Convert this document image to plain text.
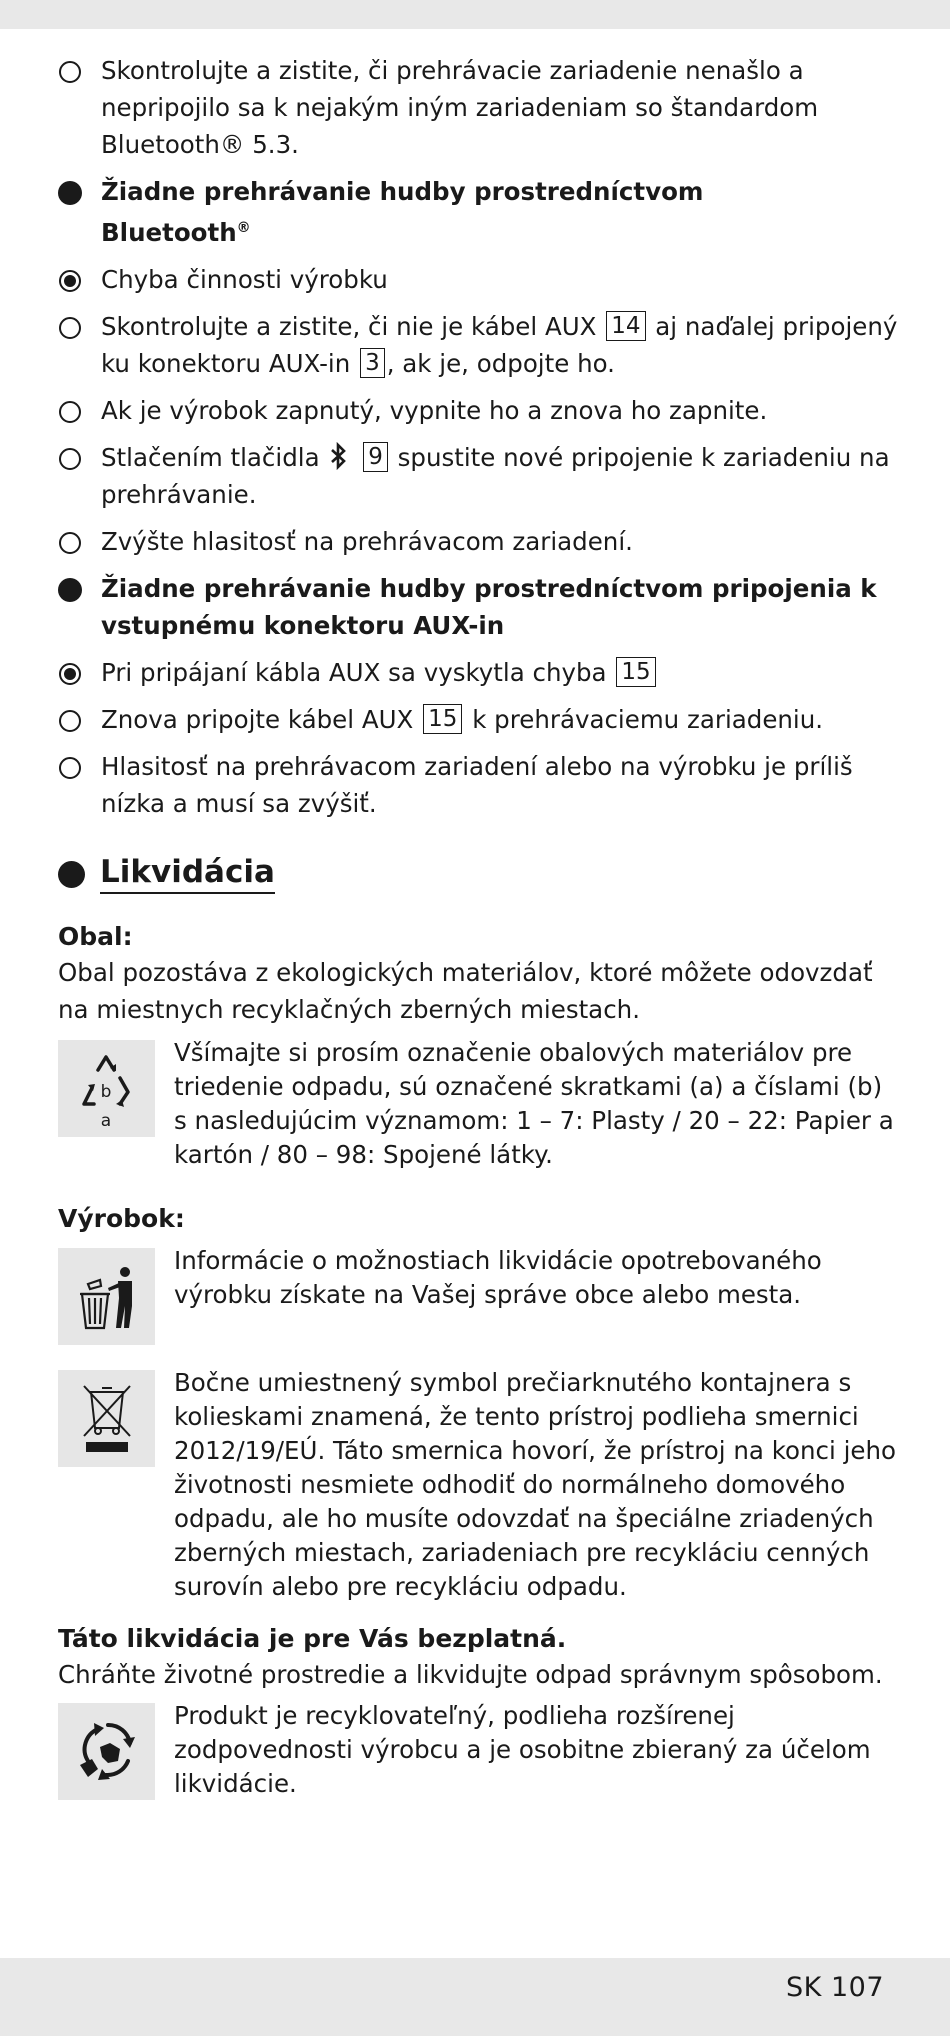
Skontrolujte a zistite, či prehrávacie zariadenie nenašlo a nepripojilo sa k nejakým iným zariadeniam so štandardom Bluetooth® 5.3.
Žiadne prehrávanie hudby prostredníctvom
Bluetooth®
Chyba činnosti výrobku
Skontrolujte a zistite, či nie je kábel AUX 14 aj naďalej pripojený ku konektoru AUX-in 3 , ak je, odpojte ho.
Ak je výrobok zapnutý, vypnite ho a znova ho zapnite.
Stlačením tlačidla 9 spustite nové pripojenie k zariadeniu na prehrávanie.
Zvýšte hlasitosť na prehrávacom zariadení.
Žiadne prehrávanie hudby prostredníctvom pripojenia k vstupnému konektoru AUX-in
Pri pripájaní kábla AUX sa vyskytla chyba 15
Znova pripojte kábel AUX 15 k prehrávaciemu zariadeniu.
Hlasitosť na prehrávacom zariadení alebo na výrobku je príliš nízka a musí sa zvýšiť.
Likvidácia
Obal:
Obal pozostáva z ekologických materiálov, ktoré môžete odovzdať na miestnych recyklačných zberných miestach.
b
a
Všímajte si prosím označenie obalových materiálov pre triedenie odpadu, sú označené skratkami (a) a číslami (b) s nasledujúcim významom: 1 – 7: Plasty / 20 – 22: Papier a kartón / 80 – 98: Spojené látky.
Výrobok:
Informácie o možnostiach likvidácie opotrebovaného výrobku získate na Vašej správe obce alebo mesta.
Bočne umiestnený symbol prečiarknutého kontajnera s kolieskami znamená, že tento prístroj podlieha smernici 2012/19/EÚ. Táto smernica hovorí, že prístroj na konci jeho životnosti nesmiete odhodiť do normálneho domového odpadu, ale ho musíte odovzdať na špeciálne zriadených zberných miestach, zariadeniach pre recykláciu cenných surovín alebo pre recykláciu odpadu.
Táto likvidácia je pre Vás bezplatná.
Chráňte životné prostredie a likvidujte odpad správnym spôsobom.
Produkt je recyklovateľný, podlieha rozšírenej zodpovednosti výrobcu a je osobitne zbieraný za účelom likvidácie.
SK 107
